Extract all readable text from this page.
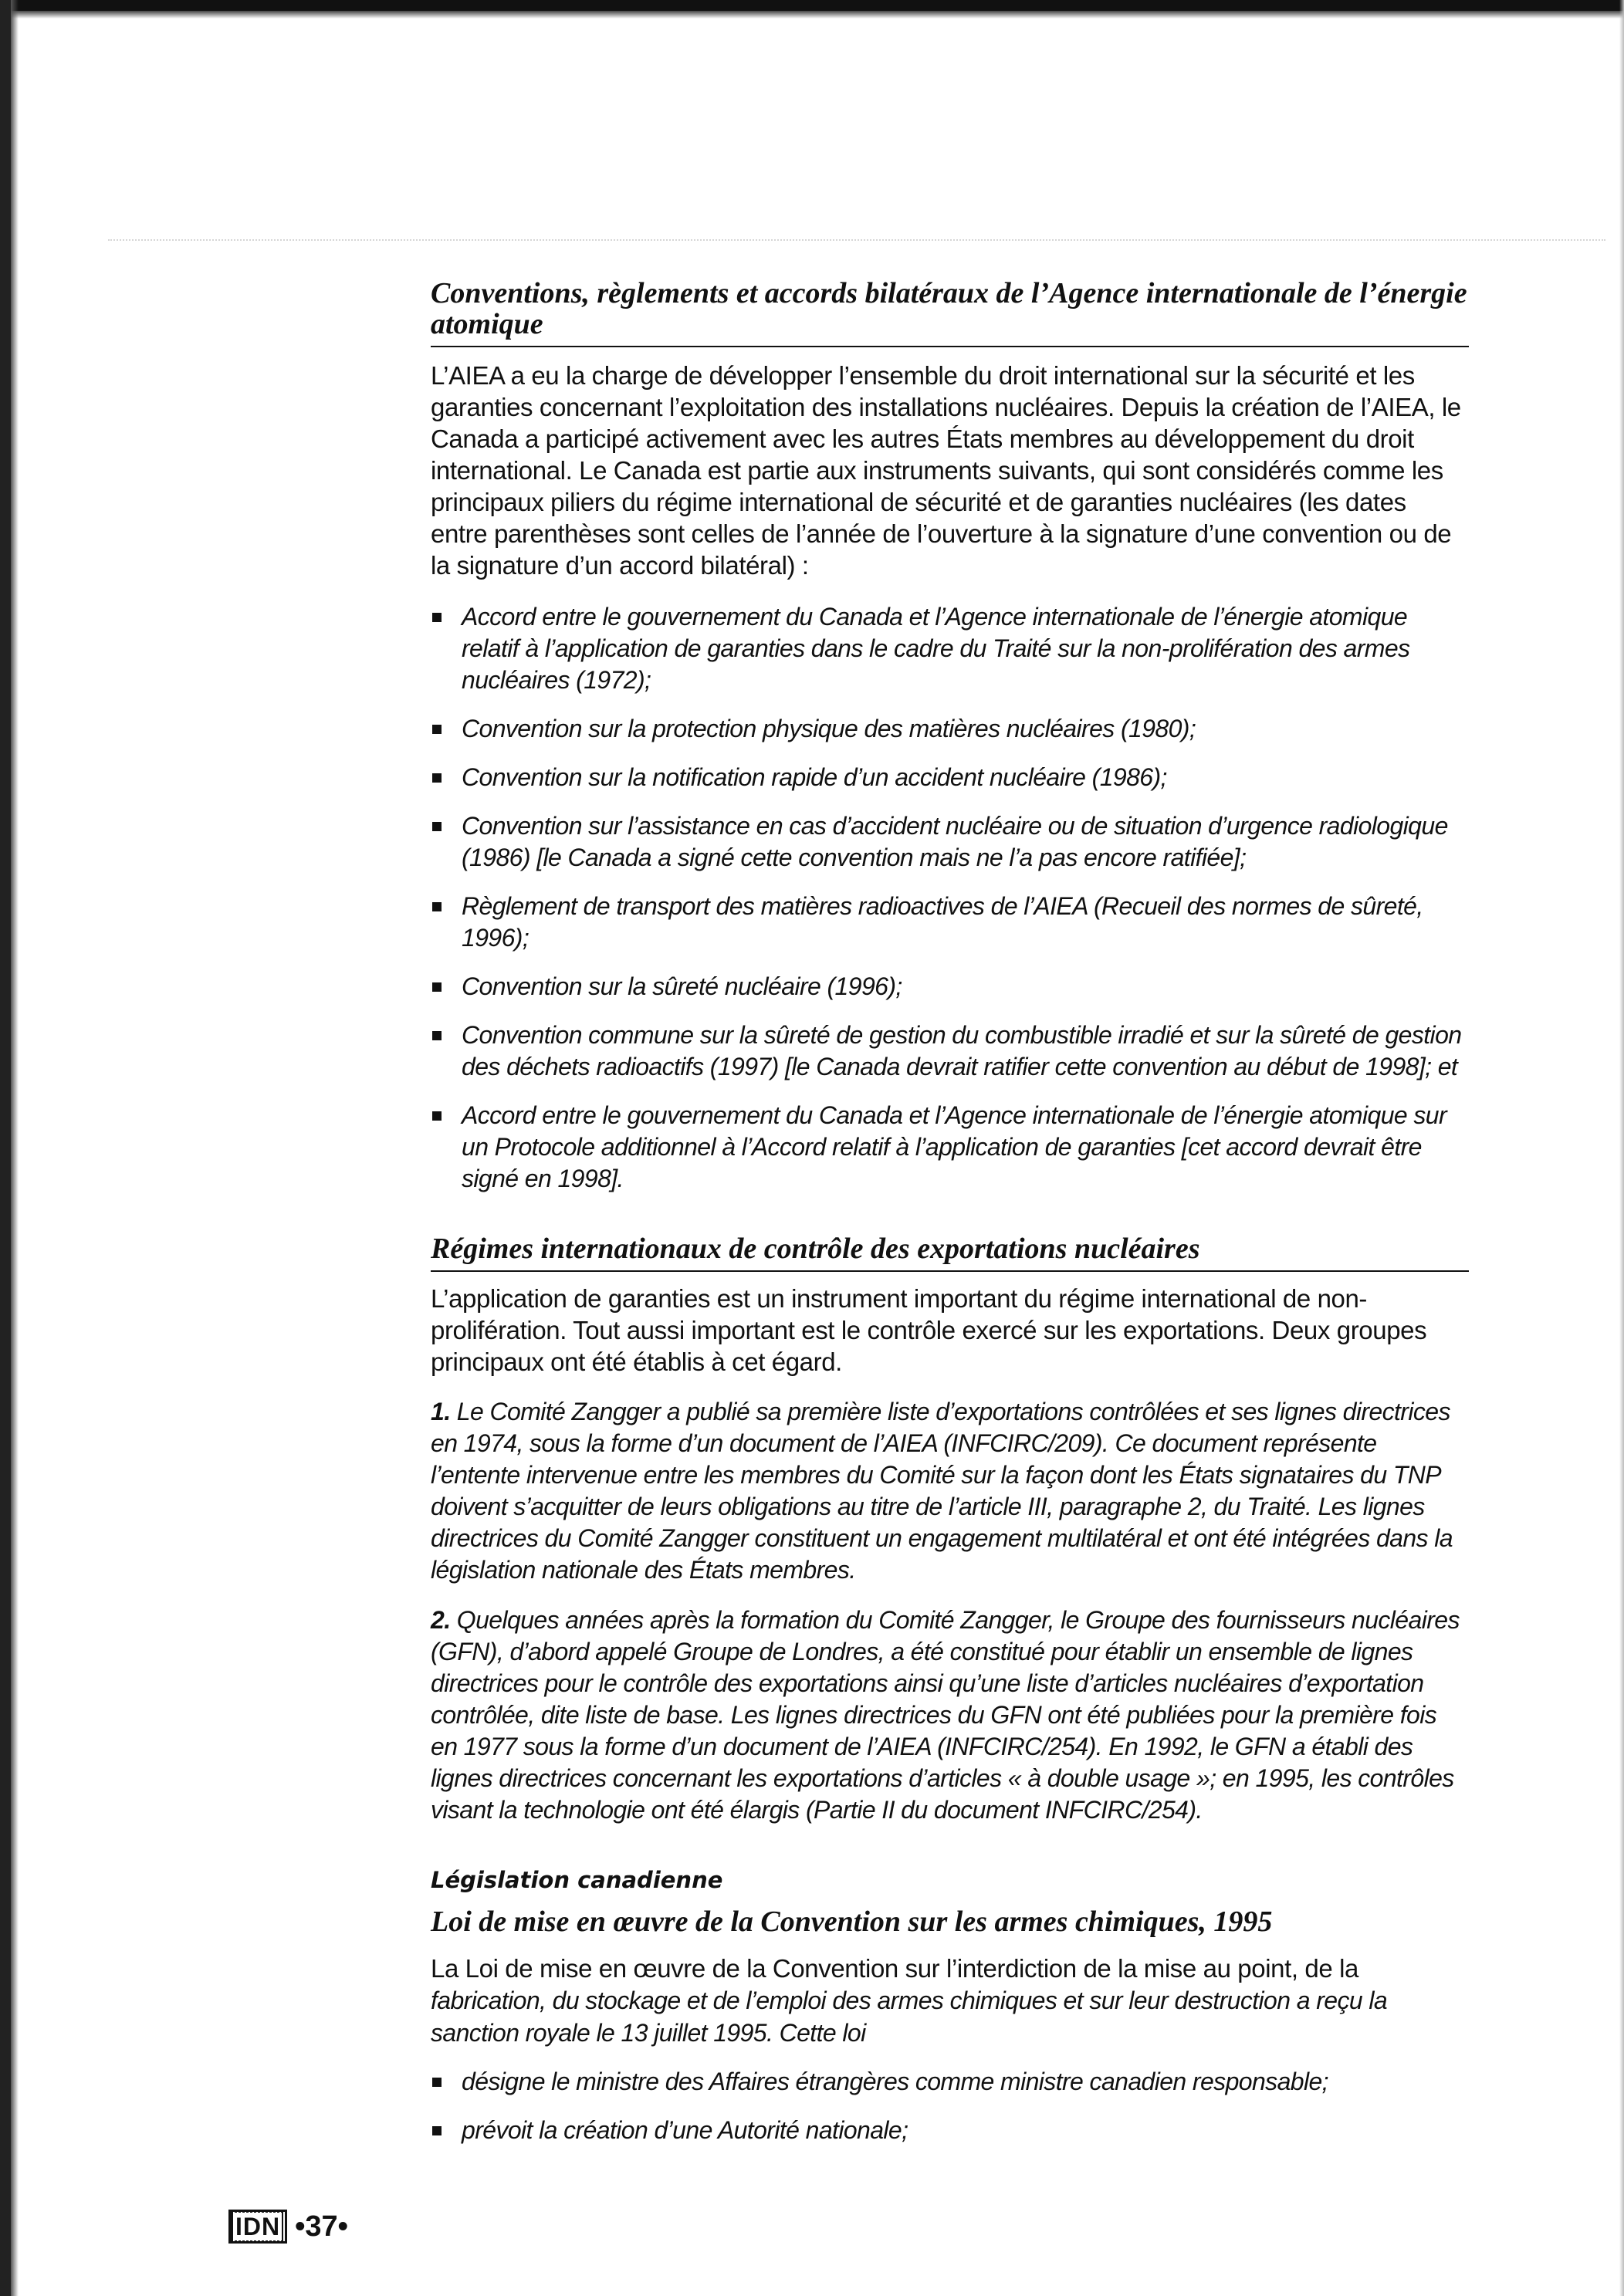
Conventions, règlements et accords bilatéraux de l’Agence internationale de l’énergie atomique

L’AIEA a eu la charge de développer l’ensemble du droit international sur la sécurité et les garanties concernant l’exploitation des installations nucléaires. Depuis la création de l’AIEA, le Canada a participé activement avec les autres États membres au développement du droit international. Le Canada est partie aux instruments suivants, qui sont considérés comme les principaux piliers du régime international de sécurité et de garanties nucléaires (les dates entre parenthèses sont celles de l’année de l’ouverture à la signature d’une convention ou de la signature d’un accord bilatéral) :

Accord entre le gouvernement du Canada et l’Agence internationale de l’énergie atomique relatif à l’application de garanties dans le cadre du Traité sur la non-prolifération des armes nucléaires (1972);
Convention sur la protection physique des matières nucléaires (1980);
Convention sur la notification rapide d’un accident nucléaire (1986);
Convention sur l’assistance en cas d’accident nucléaire ou de situation d’urgence radiologique (1986) [le Canada a signé cette convention mais ne l’a pas encore ratifiée];
Règlement de transport des matières radioactives de l’AIEA (Recueil des normes de sûreté, 1996);
Convention sur la sûreté nucléaire (1996);
Convention commune sur la sûreté de gestion du combustible irradié et sur la sûreté de gestion des déchets radioactifs (1997) [le Canada devrait ratifier cette convention au début de 1998]; et
Accord entre le gouvernement du Canada et l’Agence internationale de l’énergie atomique sur un Protocole additionnel à l’Accord relatif à l’application de garanties [cet accord devrait être signé en 1998].
Régimes internationaux de contrôle des exportations nucléaires

L’application de garanties est un instrument important du régime international de non-prolifération. Tout aussi important est le contrôle exercé sur les exportations. Deux groupes principaux ont été établis à cet égard.

1. Le Comité Zangger a publié sa première liste d’exportations contrôlées et ses lignes directrices en 1974, sous la forme d’un document de l’AIEA (INFCIRC/209). Ce document représente l’entente intervenue entre les membres du Comité sur la façon dont les États signataires du TNP doivent s’acquitter de leurs obligations au titre de l’article III, paragraphe 2, du Traité. Les lignes directrices du Comité Zangger constituent un engagement multilatéral et ont été intégrées dans la législation nationale des États membres.

2. Quelques années après la formation du Comité Zangger, le Groupe des fournisseurs nucléaires (GFN), d’abord appelé Groupe de Londres, a été constitué pour établir un ensemble de lignes directrices pour le contrôle des exportations ainsi qu’une liste d’articles nucléaires d’exportation contrôlée, dite liste de base. Les lignes directrices du GFN ont été publiées pour la première fois en 1977 sous la forme d’un document de l’AIEA (INFCIRC/254). En 1992, le GFN a établi des lignes directrices concernant les exportations d’articles « à double usage »; en 1995, les contrôles visant la technologie ont été élargis (Partie II du document INFCIRC/254).

Législation canadienne
Loi de mise en œuvre de la Convention sur les armes chimiques, 1995

La Loi de mise en œuvre de la Convention sur l’interdiction de la mise au point, de la fabrication, du stockage et de l’emploi des armes chimiques et sur leur destruction a reçu la sanction royale le 13 juillet 1995. Cette loi

désigne le ministre des Affaires étrangères comme ministre canadien responsable;
prévoit la création d’une Autorité nationale;
IDN •37•
